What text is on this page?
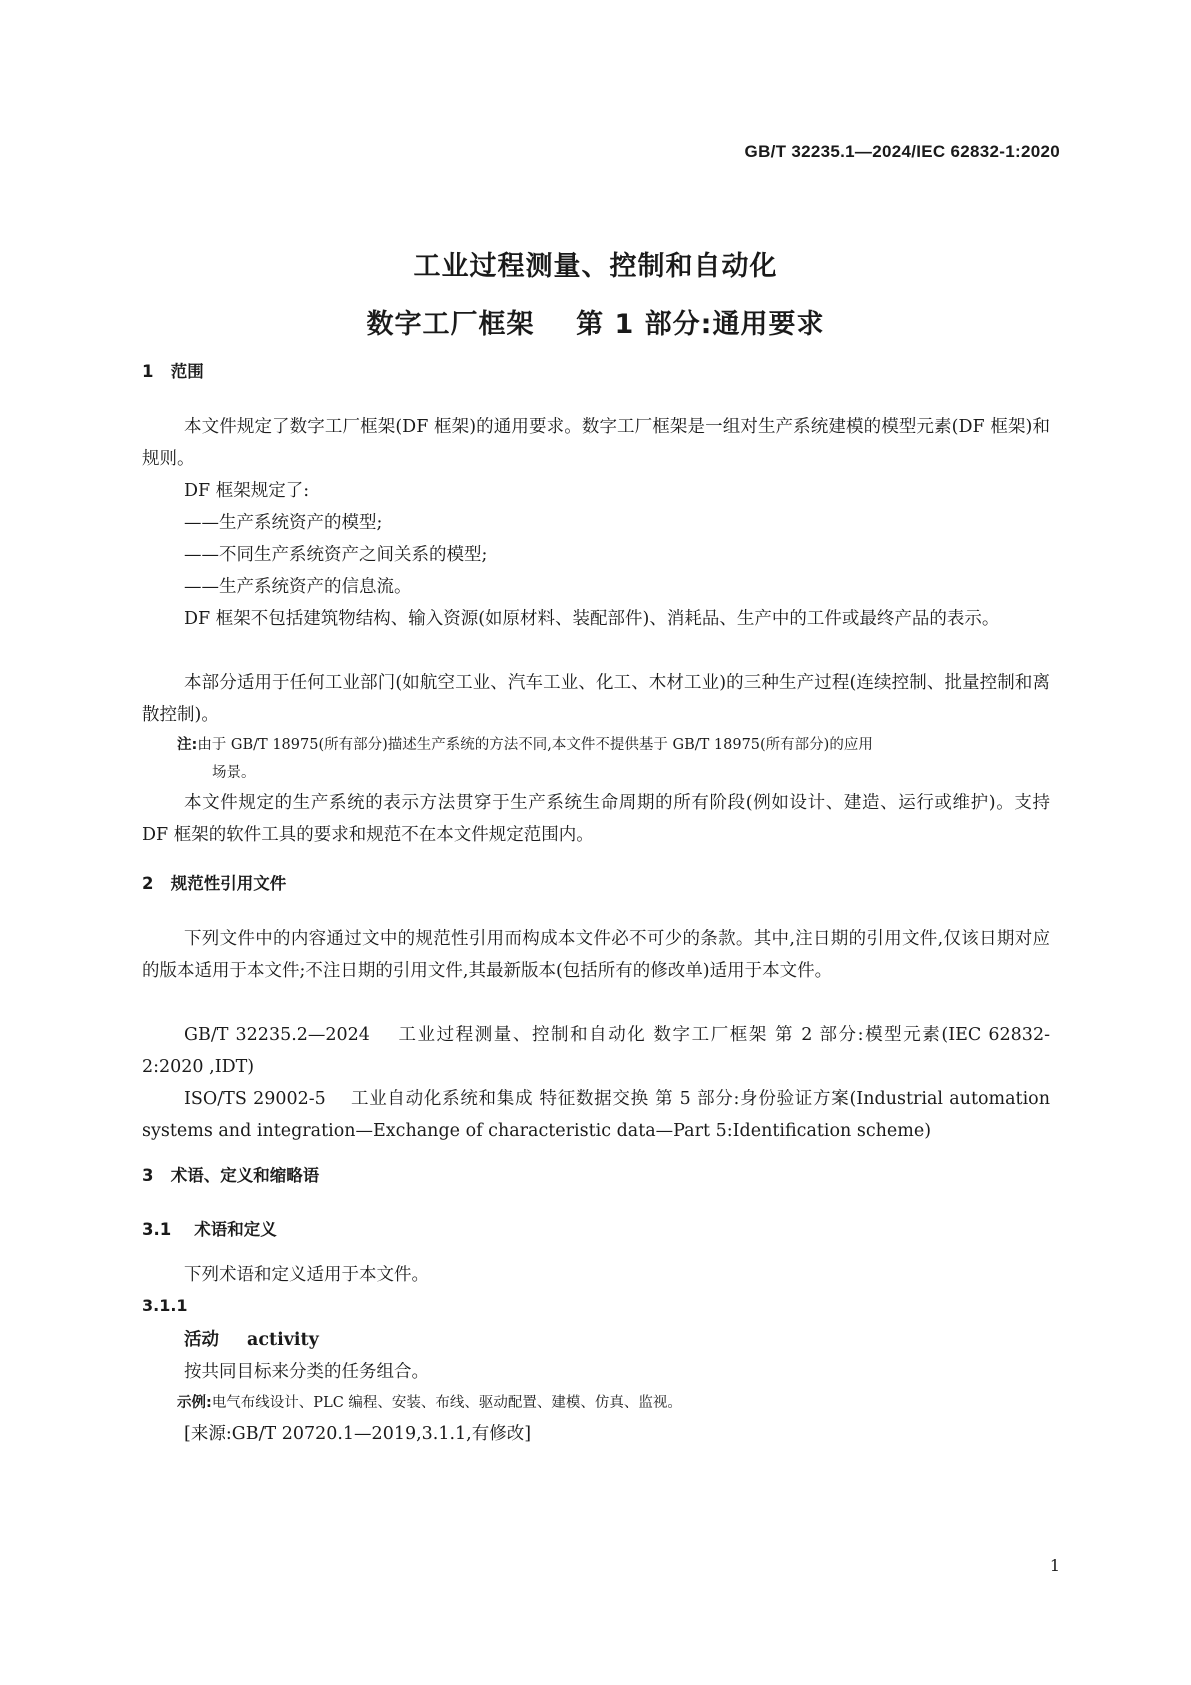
GB/T 32235.1—2024/IEC 62832-1:2020

工业过程测量、控制和自动化

数字工厂框架    第 1 部分:通用要求

1   范围

本文件规定了数字工厂框架(DF 框架)的通用要求。数字工厂框架是一组对生产系统建模的模型元素(DF 框架)和规则。

DF 框架规定了:

——生产系统资产的模型;

——不同生产系统资产之间关系的模型;

——生产系统资产的信息流。

DF 框架不包括建筑物结构、输入资源(如原材料、装配部件)、消耗品、生产中的工件或最终产品的表示。

本部分适用于任何工业部门(如航空工业、汽车工业、化工、木材工业)的三种生产过程(连续控制、批量控制和离散控制)。

注:由于 GB/T 18975(所有部分)描述生产系统的方法不同,本文件不提供基于 GB/T 18975(所有部分)的应用

场景。

本文件规定的生产系统的表示方法贯穿于生产系统生命周期的所有阶段(例如设计、建造、运行或维护)。支持 DF 框架的软件工具的要求和规范不在本文件规定范围内。

2   规范性引用文件

下列文件中的内容通过文中的规范性引用而构成本文件必不可少的条款。其中,注日期的引用文件,仅该日期对应的版本适用于本文件;不注日期的引用文件,其最新版本(包括所有的修改单)适用于本文件。

GB/T 32235.2—2024    工业过程测量、控制和自动化 数字工厂框架 第 2 部分:模型元素(IEC 62832-2:2020 ,IDT)

ISO/TS 29002-5    工业自动化系统和集成 特征数据交换 第 5 部分:身份验证方案(Industrial automation systems and integration—Exchange of characteristic data—Part 5:Identification scheme)

3   术语、定义和缩略语

3.1    术语和定义

下列术语和定义适用于本文件。

3.1.1

活动 activity

按共同目标来分类的任务组合。

示例:电气布线设计、PLC 编程、安装、布线、驱动配置、建模、仿真、监视。

[来源:GB/T 20720.1—2019,3.1.1,有修改]

1
